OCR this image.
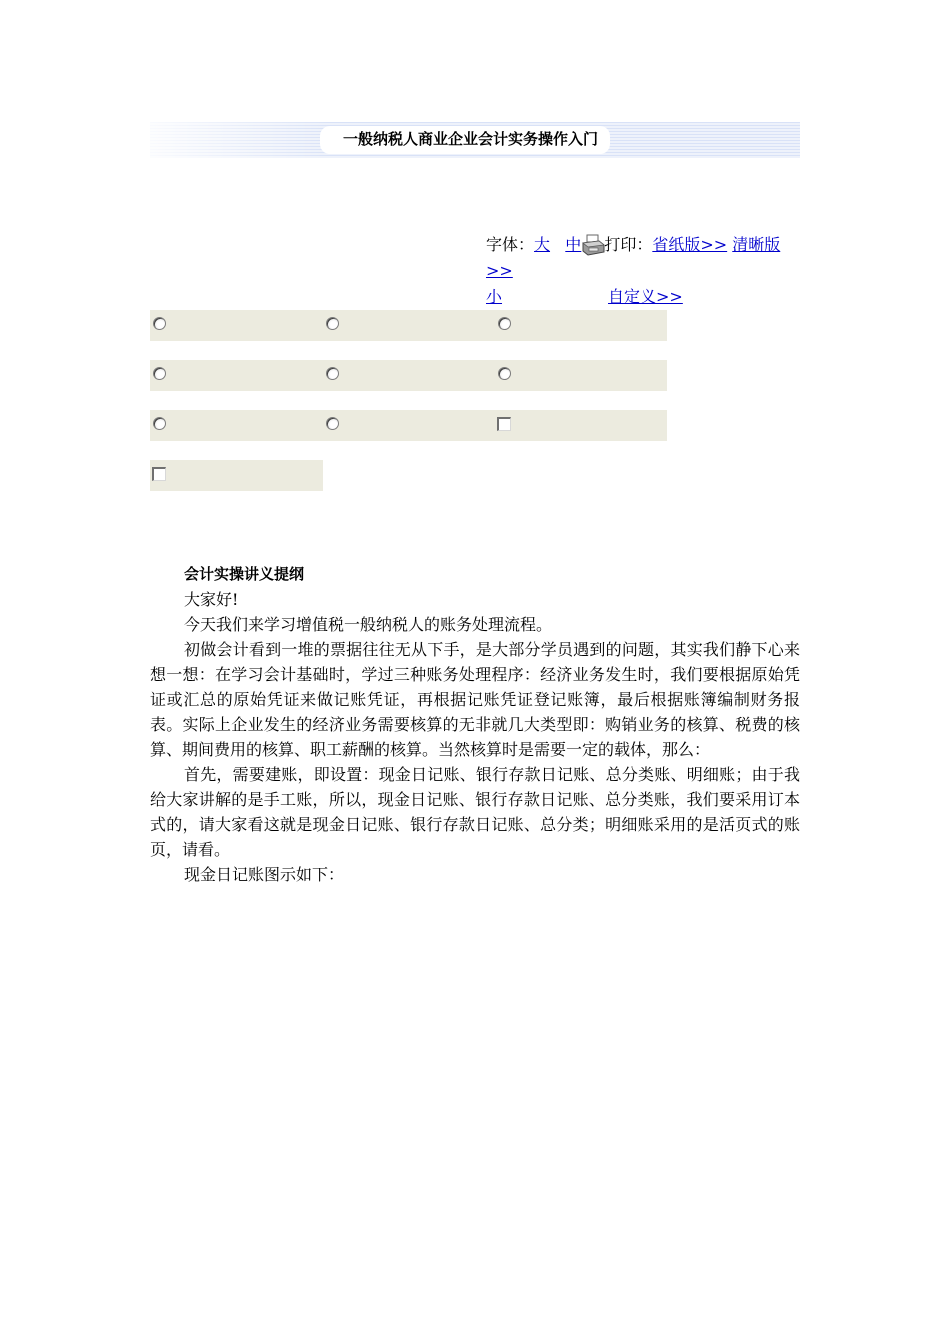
一般纳税人商业企业会计实务操作入门
字体：大 中 打印：省纸版>> 清晰版>>
小	自定义>>

会计实操讲义提纲

大家好!

今天我们来学习增值税一般纳税人的账务处理流程。

初做会计看到一堆的票据往往无从下手，是大部分学员遇到的问题，其实我们静下心来想一想：在学习会计基础时，学过三种账务处理程序：经济业务发生时，我们要根据原始凭证或汇总的原始凭证来做记账凭证，再根据记账凭证登记账簿，最后根据账簿编制财务报表。实际上企业发生的经济业务需要核算的无非就几大类型即：购销业务的核算、税费的核算、期间费用的核算、职工薪酬的核算。当然核算时是需要一定的载体，那么：

首先，需要建账，即设置：现金日记账、银行存款日记账、总分类账、明细账；由于我给大家讲解的是手工账，所以，现金日记账、银行存款日记账、总分类账，我们要采用订本式的，请大家看这就是现金日记账、银行存款日记账、总分类；明细账采用的是活页式的账页，请看。

现金日记账图示如下：
